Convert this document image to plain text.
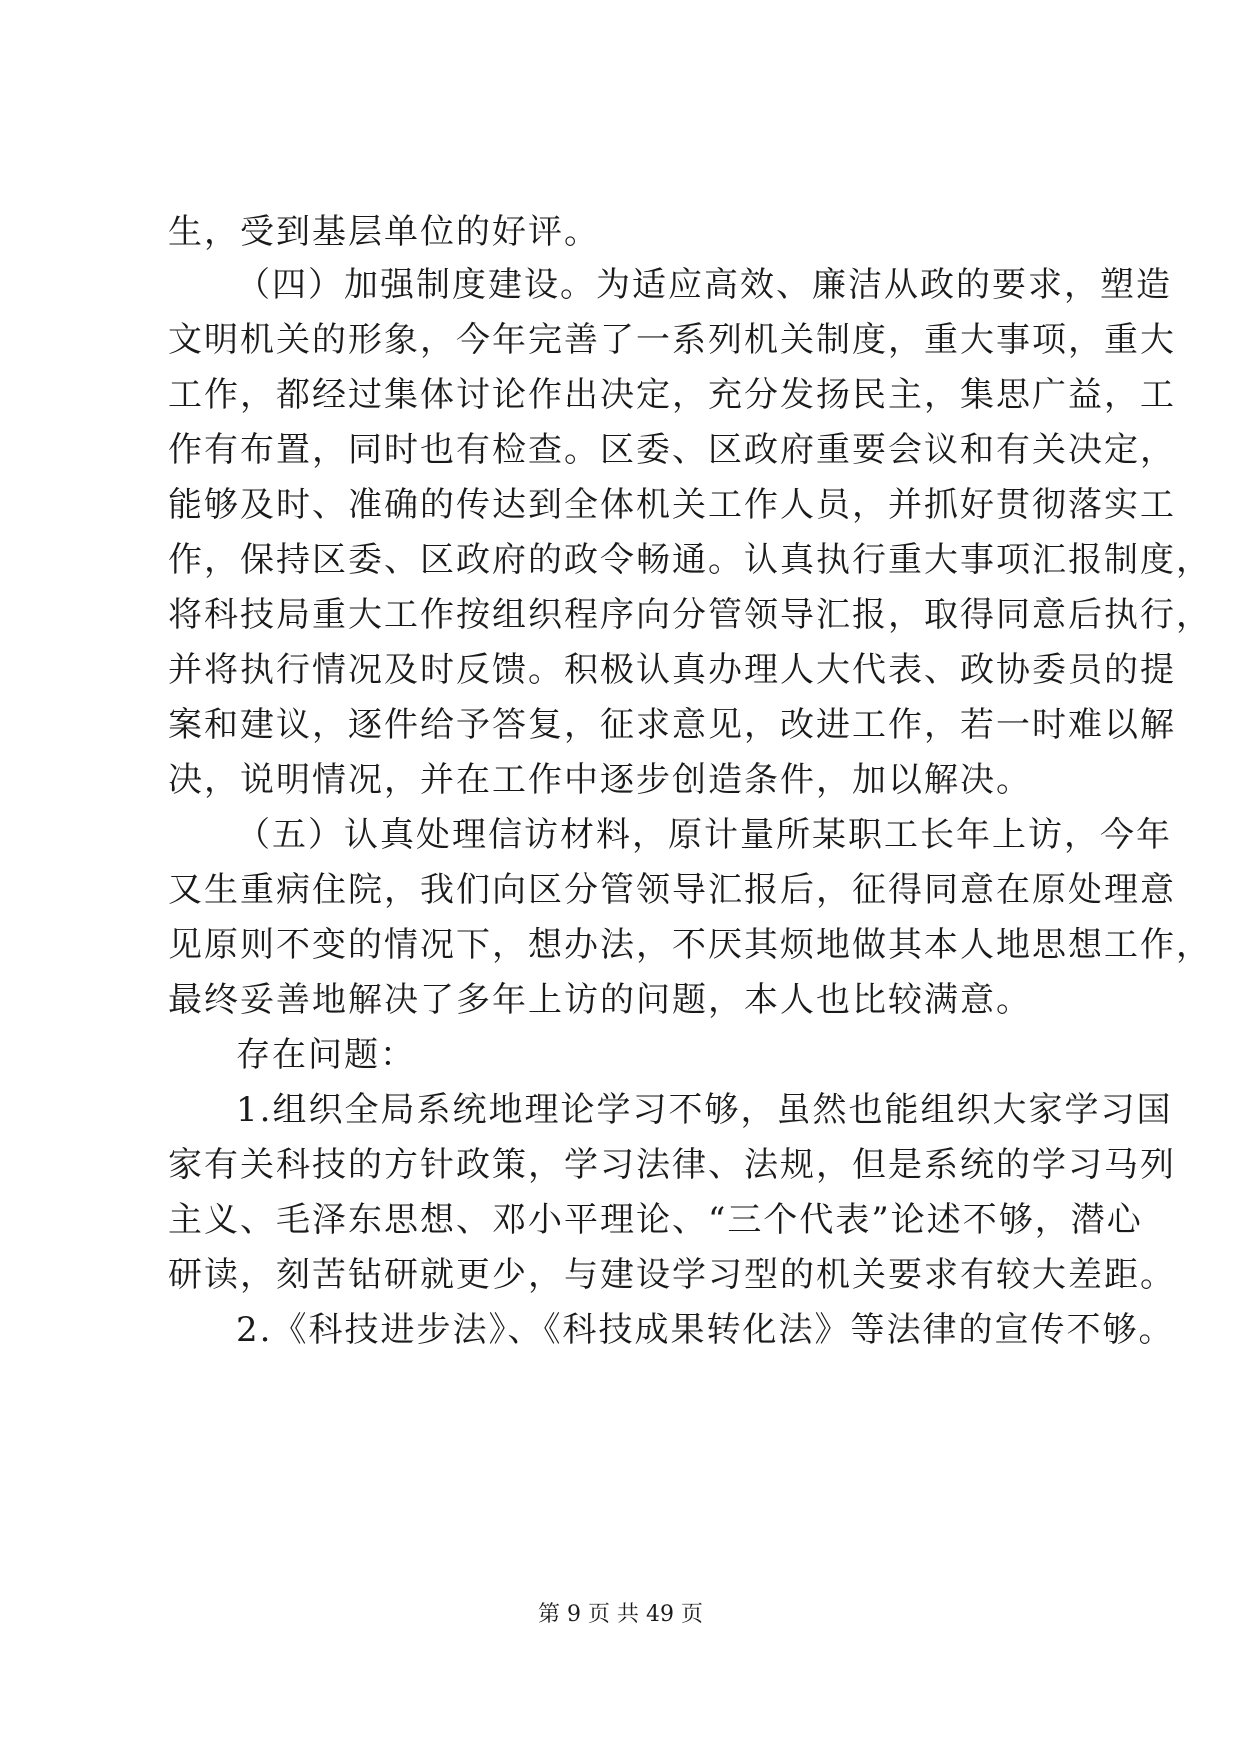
生，受到基层单位的好评。
（四）加强制度建设。为适应高效、廉洁从政的要求，塑造
文明机关的形象，今年完善了一系列机关制度，重大事项，重大
工作，都经过集体讨论作出决定，充分发扬民主，集思广益，工
作有布置，同时也有检查。区委、区政府重要会议和有关决定，
能够及时、准确的传达到全体机关工作人员，并抓好贯彻落实工
作，保持区委、区政府的政令畅通。认真执行重大事项汇报制度，
将科技局重大工作按组织程序向分管领导汇报，取得同意后执行，
并将执行情况及时反馈。积极认真办理人大代表、政协委员的提
案和建议，逐件给予答复，征求意见，改进工作，若一时难以解
决，说明情况，并在工作中逐步创造条件，加以解决。
（五）认真处理信访材料，原计量所某职工长年上访，今年
又生重病住院，我们向区分管领导汇报后，征得同意在原处理意
见原则不变的情况下，想办法，不厌其烦地做其本人地思想工作，
最终妥善地解决了多年上访的问题，本人也比较满意。
存在问题：
1.组织全局系统地理论学习不够，虽然也能组织大家学习国
家有关科技的方针政策，学习法律、法规，但是系统的学习马列
主义、毛泽东思想、邓小平理论、“三个代表”论述不够，潜心
研读，刻苦钻研就更少，与建设学习型的机关要求有较大差距。
2.《科技进步法》、《科技成果转化法》等法律的宣传不够。
第 9 页 共 49 页
